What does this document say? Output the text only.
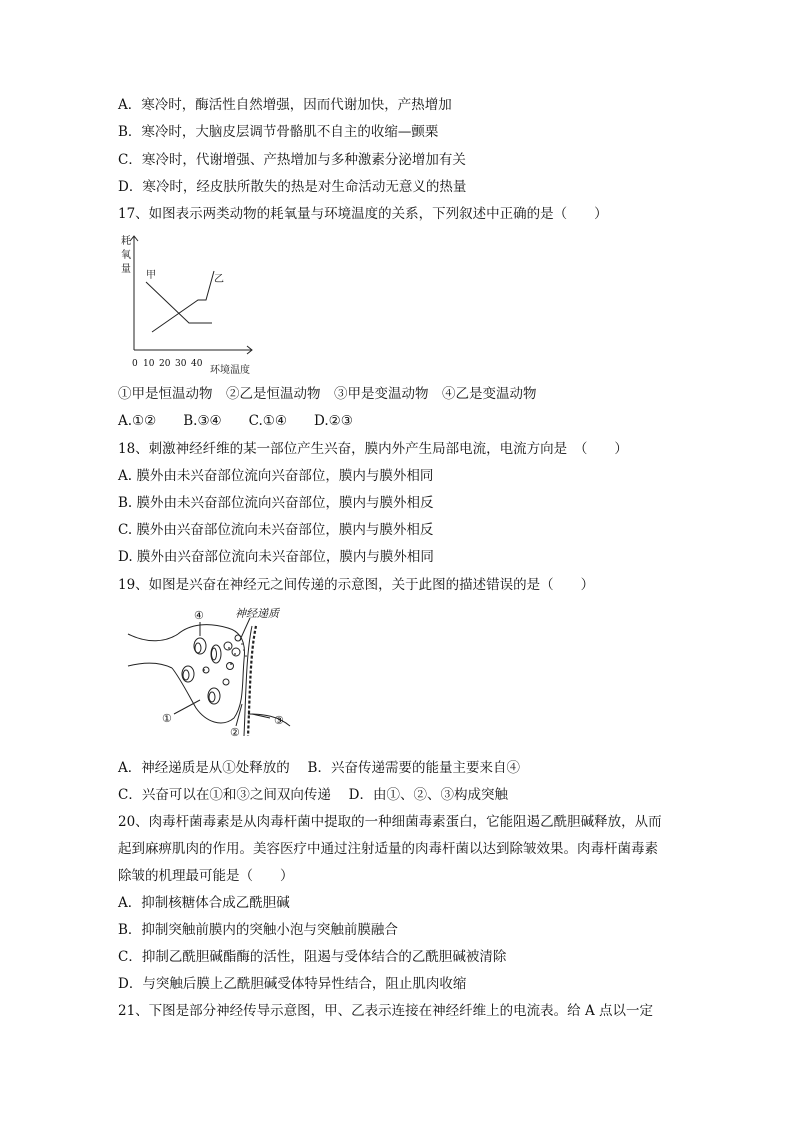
A．寒冷时，酶活性自然增强，因而代谢加快，产热增加
B．寒冷时，大脑皮层调节骨骼肌不自主的收缩—颤栗
C．寒冷时，代谢增强、产热增加与多种激素分泌增加有关
D．寒冷时，经皮肤所散失的热是对生命活动无意义的热量
17、如图表示两类动物的耗氧量与环境温度的关系，下列叙述中正确的是（　　）
耗
氧
量
甲	乙
0 10 20 30 40
环境温度
①甲是恒温动物　②乙是恒温动物　③甲是变温动物　④乙是变温动物
A.①②　　B.③④　　C.①④　　D.②③
18、刺激神经纤维的某一部位产生兴奋，膜内外产生局部电流，电流方向是　（　　）
A. 膜外由未兴奋部位流向兴奋部位，膜内与膜外相同
B. 膜外由未兴奋部位流向兴奋部位，膜内与膜外相反
C. 膜外由兴奋部位流向未兴奋部位，膜内与膜外相反
D. 膜外由兴奋部位流向未兴奋部位，膜内与膜外相同
19、如图是兴奋在神经元之间传递的示意图，关于此图的描述错误的是（　　）
神经递质
④
①
②
③
A．神经递质是从①处释放的　 B．兴奋传递需要的能量主要来自④
C．兴奋可以在①和③之间双向传递　 D．由①、②、③构成突触
20、肉毒杆菌毒素是从肉毒杆菌中提取的一种细菌毒素蛋白，它能阻遏乙酰胆碱释放，从而
起到麻痹肌肉的作用。美容医疗中通过注射适量的肉毒杆菌以达到除皱效果。肉毒杆菌毒素
除皱的机理最可能是（　　）
A．抑制核糖体合成乙酰胆碱
B．抑制突触前膜内的突触小泡与突触前膜融合
C．抑制乙酰胆碱酯酶的活性，阻遏与受体结合的乙酰胆碱被清除
D．与突触后膜上乙酰胆碱受体特异性结合，阻止肌肉收缩
21、下图是部分神经传导示意图，甲、乙表示连接在神经纤维上的电流表。给 A 点以一定
